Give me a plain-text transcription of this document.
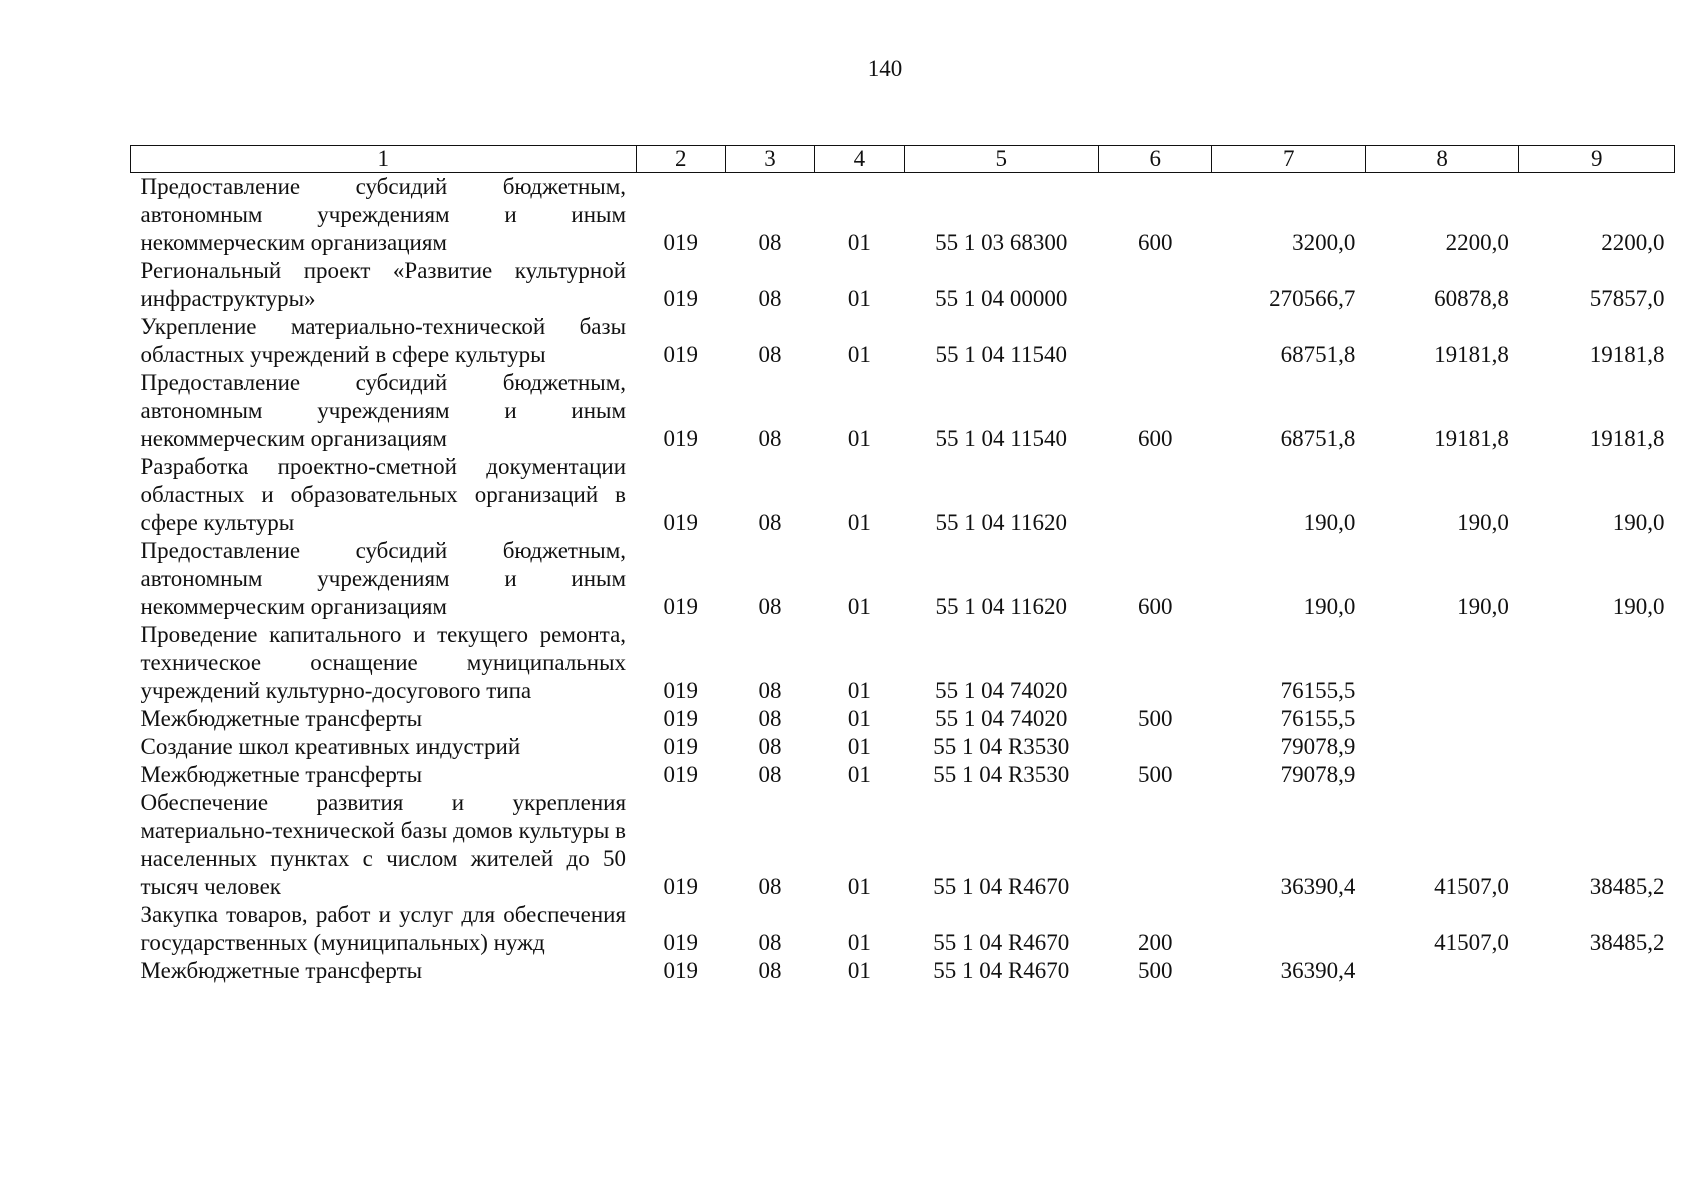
140
1	2	3	4	5	6	7	8	9
Предоставление субсидий бюджетным, автономным учреждениям и иным некоммерческим организациям	019	08	01	55 1 03 68300	600	3200,0	2200,0	2200,0
Региональный проект «Развитие культурной инфраструктуры»	019	08	01	55 1 04 00000		270566,7	60878,8	57857,0
Укрепление материально-технической базы областных учреждений в сфере культуры	019	08	01	55 1 04 11540		68751,8	19181,8	19181,8
Предоставление субсидий бюджетным, автономным учреждениям и иным некоммерческим организациям	019	08	01	55 1 04 11540	600	68751,8	19181,8	19181,8
Разработка проектно-сметной документации областных и образовательных организаций в сфере культуры	019	08	01	55 1 04 11620		190,0	190,0	190,0
Предоставление субсидий бюджетным, автономным учреждениям и иным некоммерческим организациям	019	08	01	55 1 04 11620	600	190,0	190,0	190,0
Проведение капитального и текущего ремонта, техническое оснащение муниципальных учреждений культурно-досугового типа	019	08	01	55 1 04 74020		76155,5		
Межбюджетные трансферты	019	08	01	55 1 04 74020	500	76155,5		
Создание школ креативных индустрий	019	08	01	55 1 04 R3530		79078,9		
Межбюджетные трансферты	019	08	01	55 1 04 R3530	500	79078,9		
Обеспечение развития и укрепления материально-технической базы домов культуры в населенных пунктах с числом жителей до 50 тысяч человек	019	08	01	55 1 04 R4670		36390,4	41507,0	38485,2
Закупка товаров, работ и услуг для обеспечения государственных (муниципальных) нужд	019	08	01	55 1 04 R4670	200		41507,0	38485,2
Межбюджетные трансферты	019	08	01	55 1 04 R4670	500	36390,4		
